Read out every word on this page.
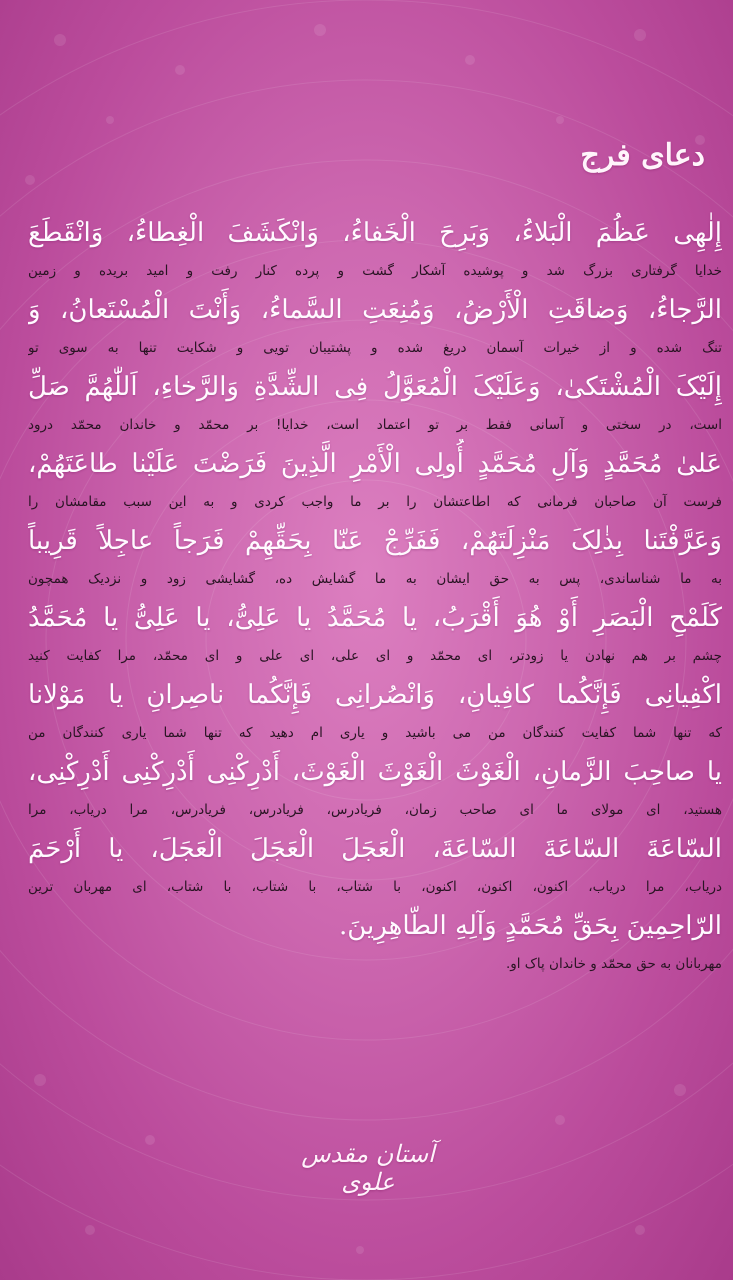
دعای فرج
إِلٰهِی عَظُمَ الْبَلاءُ، وَبَرِحَ الْخَفاءُ، وَانْکَشَفَ الْغِطاءُ، وَانْقَطَعَ
خدایا گرفتاری بزرگ شد و پوشیده آشکار گشت و پرده کنار رفت و امید بریده و زمین
الرَّجاءُ، وَضاقَتِ الْأَرْضُ، وَمُنِعَتِ السَّماءُ، وَأَنْتَ الْمُسْتَعانُ، وَ
تنگ شده و از خیرات آسمان دریغ شده و پشتیبان تویی و شکایت تنها به سوی تو
إِلَیْکَ الْمُشْتَکیٰ، وَعَلَیْکَ الْمُعَوَّلُ فِی الشِّدَّةِ وَالرَّخاءِ، اَللّٰهُمَّ صَلِّ
است، در سختی و آسانی فقط بر تو اعتماد است، خدایا! بر محمّد و خاندان محمّد درود
عَلیٰ مُحَمَّدٍ وَآلِ مُحَمَّدٍ أُولِی الْأَمْرِ الَّذِینَ فَرَضْتَ عَلَیْنا طاعَتَهُمْ،
فرست آن صاحبان فرمانی که اطاعتشان را بر ما واجب کردی و به این سبب مقامشان را
وَعَرَّفْتَنا بِذٰلِکَ مَنْزِلَتَهُمْ، فَفَرِّجْ عَنّا بِحَقِّهِمْ فَرَجاً عاجِلاً قَرِیباً
به ما شناساندی، پس به حق ایشان به ما گشایش ده، گشایشی زود و نزدیک همچون
کَلَمْحِ الْبَصَرِ أَوْ هُوَ أَقْرَبُ، یا مُحَمَّدُ یا عَلِیُّ، یا عَلِیُّ یا مُحَمَّدُ
چشم بر هم نهادن یا زودتر، ای محمّد و ای علی، ای علی و ای محمّد، مرا کفایت کنید
اکْفِیانِی فَإِنَّکُما کافِیانِ، وَانْصُرانِی فَإِنَّکُما ناصِرانِ یا مَوْلانا
که تنها شما کفایت کنندگان من می باشید و یاری ام دهید که تنها شما یاری کنندگان من
یا صاحِبَ الزَّمانِ، الْغَوْثَ الْغَوْثَ الْغَوْثَ، أَدْرِکْنِی أَدْرِکْنِی أَدْرِکْنِی،
هستید، ای مولای ما ای صاحب زمان، فریادرس، فریادرس، فریادرس، مرا دریاب، مرا
السّاعَةَ السّاعَةَ السّاعَةَ، الْعَجَلَ الْعَجَلَ الْعَجَلَ، یا أَرْحَمَ
دریاب، مرا دریاب، اکنون، اکنون، اکنون، با شتاب، با شتاب، با شتاب، ای مهربان ترین
الرّاحِمِینَ بِحَقِّ مُحَمَّدٍ وَآلِهِ الطّاهِرِینَ.
مهربانان به حق محمّد و خاندان پاک او.
آستان مقدس علوی
